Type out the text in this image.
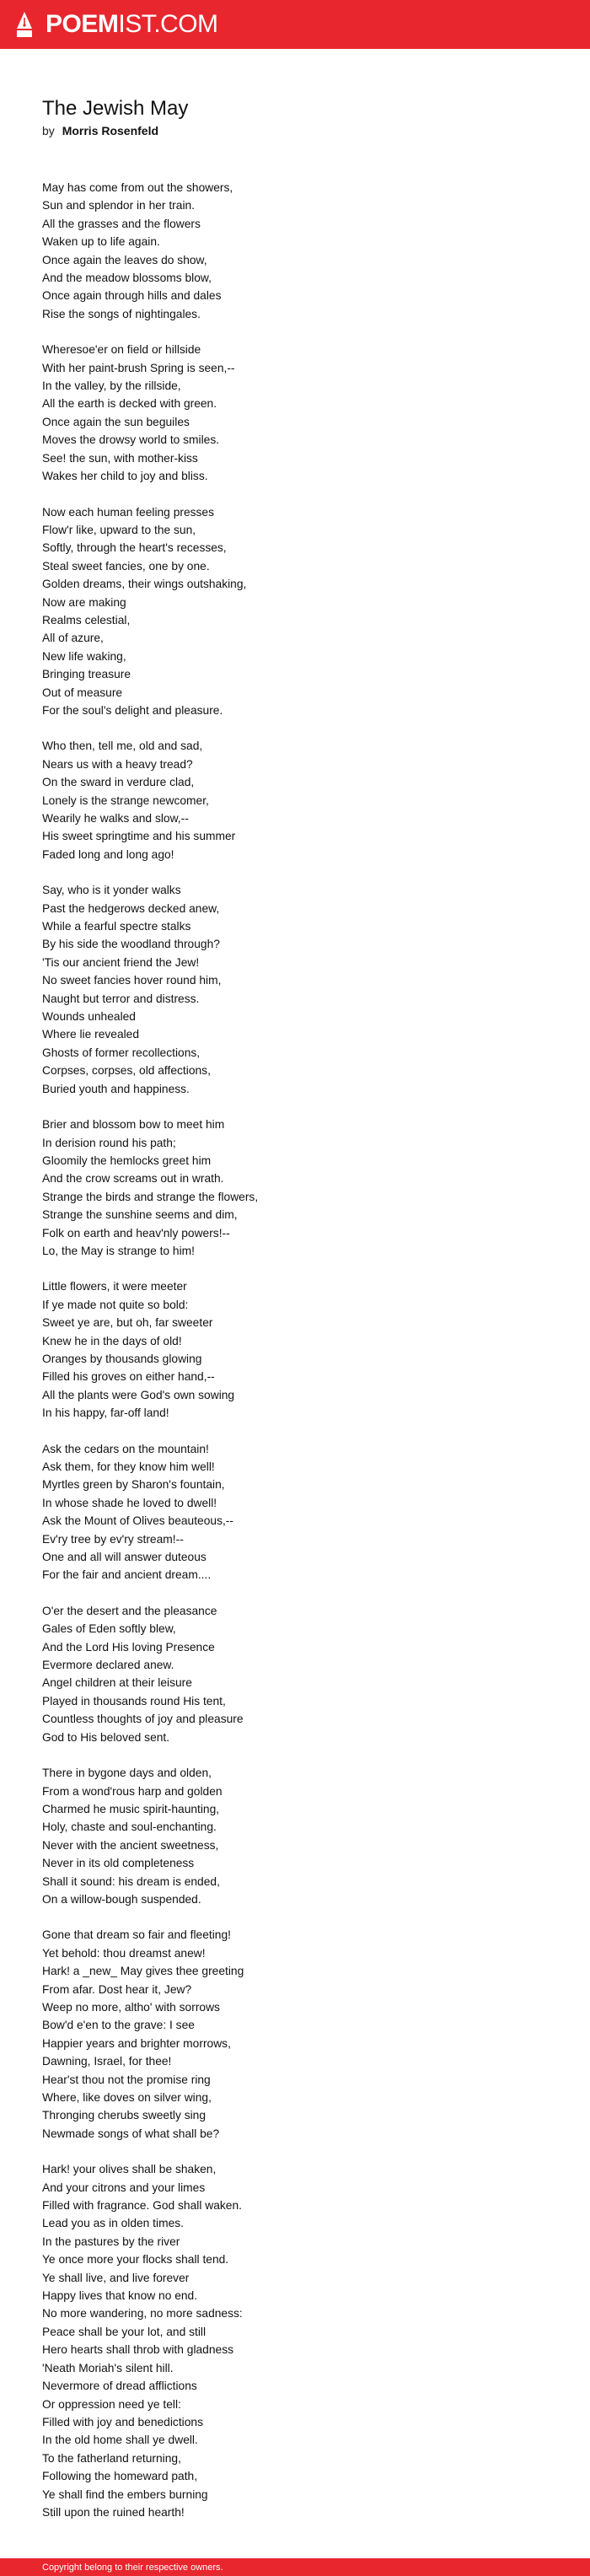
POEMIST.COM
The Jewish May
by Morris Rosenfeld
May has come from out the showers,
Sun and splendor in her train.
All the grasses and the flowers
Waken up to life again.
Once again the leaves do show,
And the meadow blossoms blow,
Once again through hills and dales
Rise the songs of nightingales.
Wheresoe'er on field or hillside
With her paint-brush Spring is seen,--
In the valley, by the rillside,
All the earth is decked with green.
Once again the sun beguiles
Moves the drowsy world to smiles.
See! the sun, with mother-kiss
Wakes her child to joy and bliss.
Now each human feeling presses
Flow'r like, upward to the sun,
Softly, through the heart's recesses,
Steal sweet fancies, one by one.
Golden dreams, their wings outshaking,
Now are making
Realms celestial,
All of azure,
New life waking,
Bringing treasure
Out of measure
For the soul's delight and pleasure.
Who then, tell me, old and sad,
Nears us with a heavy tread?
On the sward in verdure clad,
Lonely is the strange newcomer,
Wearily he walks and slow,--
His sweet springtime and his summer
Faded long and long ago!
Say, who is it yonder walks
Past the hedgerows decked anew,
While a fearful spectre stalks
By his side the woodland through?
'Tis our ancient friend the Jew!
No sweet fancies hover round him,
Naught but terror and distress.
Wounds unhealed
Where lie revealed
Ghosts of former recollections,
Corpses, corpses, old affections,
Buried youth and happiness.
Brier and blossom bow to meet him
In derision round his path;
Gloomily the hemlocks greet him
And the crow screams out in wrath.
Strange the birds and strange the flowers,
Strange the sunshine seems and dim,
Folk on earth and heav'nly powers!--
Lo, the May is strange to him!
Little flowers, it were meeter
If ye made not quite so bold:
Sweet ye are, but oh, far sweeter
Knew he in the days of old!
Oranges by thousands glowing
Filled his groves on either hand,--
All the plants were God's own sowing
In his happy, far-off land!
Ask the cedars on the mountain!
Ask them, for they know him well!
Myrtles green by Sharon's fountain,
In whose shade he loved to dwell!
Ask the Mount of Olives beauteous,--
Ev'ry tree by ev'ry stream!--
One and all will answer duteous
For the fair and ancient dream....
O'er the desert and the pleasance
Gales of Eden softly blew,
And the Lord His loving Presence
Evermore declared anew.
Angel children at their leisure
Played in thousands round His tent,
Countless thoughts of joy and pleasure
God to His beloved sent.
There in bygone days and olden,
From a wond'rous harp and golden
Charmed he music spirit-haunting,
Holy, chaste and soul-enchanting.
Never with the ancient sweetness,
Never in its old completeness
Shall it sound: his dream is ended,
On a willow-bough suspended.
Gone that dream so fair and fleeting!
Yet behold: thou dreamst anew!
Hark! a _new_ May gives thee greeting
From afar. Dost hear it, Jew?
Weep no more, altho' with sorrows
Bow'd e'en to the grave: I see
Happier years and brighter morrows,
Dawning, Israel, for thee!
Hear'st thou not the promise ring
Where, like doves on silver wing,
Thronging cherubs sweetly sing
Newmade songs of what shall be?
Hark! your olives shall be shaken,
And your citrons and your limes
Filled with fragrance. God shall waken.
Lead you as in olden times.
In the pastures by the river
Ye once more your flocks shall tend.
Ye shall live, and live forever
Happy lives that know no end.
No more wandering, no more sadness:
Peace shall be your lot, and still
Hero hearts shall throb with gladness
'Neath Moriah's silent hill.
Nevermore of dread afflictions
Or oppression need ye tell:
Filled with joy and benedictions
In the old home shall ye dwell.
To the fatherland returning,
Following the homeward path,
Ye shall find the embers burning
Still upon the ruined hearth!
Copyright belong to their respective owners.
